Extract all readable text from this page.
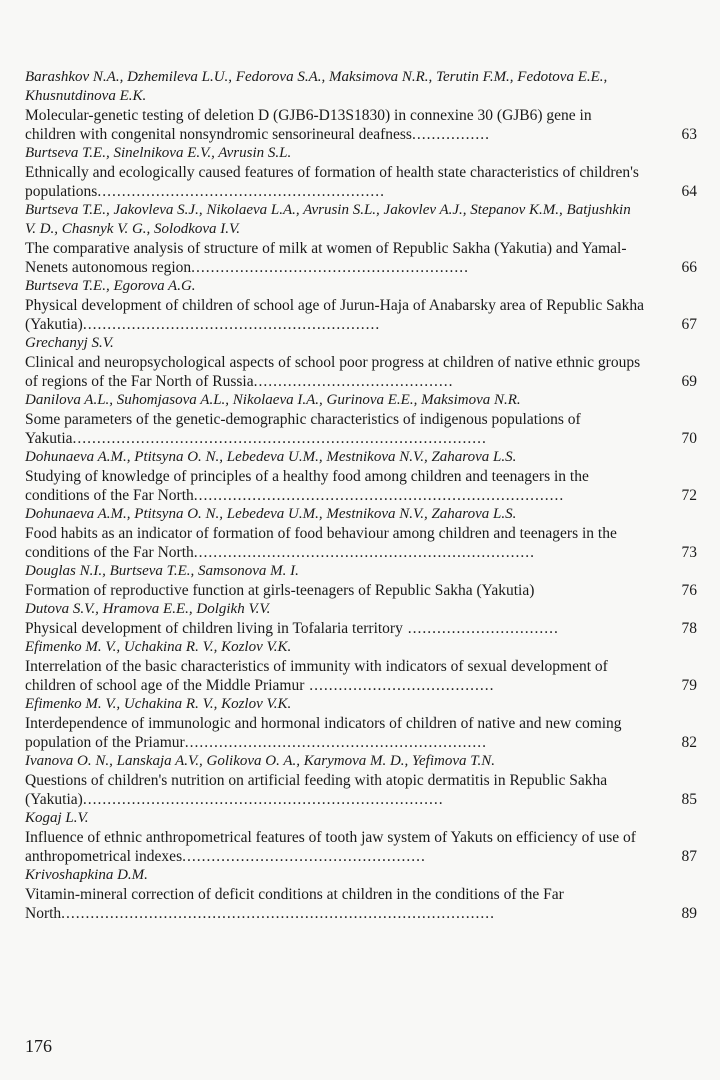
Barashkov N.A., Dzhemileva L.U., Fedorova S.A., Maksimova N.R., Terutin F.M., Fedotova E.E., Khusnutdinova E.K.
Molecular-genetic testing of deletion D (GJB6-D13S1830) in connexine 30 (GJB6) gene in children with congenital nonsyndromic sensorineural deafness................	63
Burtseva T.E., Sinelnikova E.V., Avrusin S.L.
Ethnically and ecologically caused features of formation of health state characteristics of children's populations...........................................................	64
Burtseva T.E., Jakovleva S.J., Nikolaeva L.A., Avrusin S.L., Jakovlev A.J., Stepanov K.M., Batjushkin V. D., Chasnyk V. G., Solodkova I.V.
The comparative analysis of structure of milk at women of Republic Sakha (Yakutia) and Yamal-Nenets autonomous region.........................................................	66
Burtseva T.E., Egorova A.G.
Physical development of children of school age of Jurun-Haja of Anabarsky area of Republic Sakha (Yakutia).............................................................	67
Grechanyj S.V.
Clinical and neuropsychological aspects of school poor progress at children of native ethnic groups of regions of the Far North of Russia.........................................	69
Danilova A.L., Suhomjasova A.L., Nikolaeva I.A., Gurinova E.E., Maksimova N.R.
Some parameters of the genetic-demographic characteristics of indigenous populations of Yakutia.....................................................................................	70
Dohunaeva A.M., Ptitsyna O. N., Lebedeva U.M., Mestnikova N.V., Zaharova L.S.
Studying of knowledge of principles of a healthy food among children and teenagers in the conditions of the Far North............................................................................	72
Dohunaeva A.M., Ptitsyna O. N., Lebedeva U.M., Mestnikova N.V., Zaharova L.S.
Food habits as an indicator of formation of food behaviour among children and teenagers in the conditions of the Far North......................................................................	73
Douglas N.I., Burtseva T.E., Samsonova M. I.
Formation of reproductive function at girls-teenagers of Republic Sakha (Yakutia)	76
Dutova S.V., Hramova E.E., Dolgikh V.V.
Physical development of children living in Tofalaria territory ...............................	78
Efimenko M. V., Uchakina R. V., Kozlov V.K.
Interrelation of the basic characteristics of immunity with indicators of sexual development of children of school age of the Middle Priamur ......................................	79
Efimenko M. V., Uchakina R. V., Kozlov V.K.
Interdependence of immunologic and hormonal indicators of children of native and new coming population of the Priamur..............................................................	82
Ivanova O. N., Lanskaja A.V., Golikova O. A., Karymova M. D., Yefimova T.N.
Questions of children's nutrition on artificial feeding with atopic dermatitis in Republic Sakha (Yakutia)..........................................................................	85
Kogaj L.V.
Influence of ethnic anthropometrical features of tooth jaw system of Yakuts on efficiency of use of anthropometrical indexes..................................................	87
Krivoshapkina D.M.
Vitamin-mineral correction of deficit conditions at children in the conditions of the Far North.........................................................................................	89
176
